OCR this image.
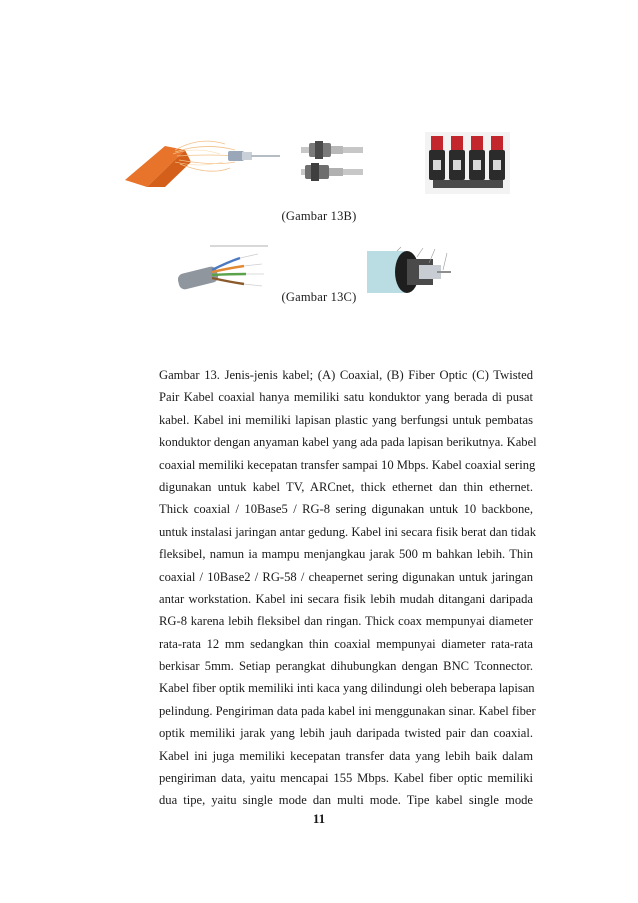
(Gambar 13B)
(Gambar 13C)
Gambar 13. Jenis-jenis kabel; (A) Coaxial, (B) Fiber Optic (C) Twisted
Pair Kabel coaxial hanya memiliki satu konduktor yang berada di pusat
kabel. Kabel ini memiliki lapisan plastic yang berfungsi untuk pembatas
konduktor dengan anyaman kabel yang ada pada lapisan berikutnya. Kabel
coaxial memiliki kecepatan transfer sampai 10 Mbps. Kabel coaxial sering
digunakan untuk kabel TV, ARCnet, thick ethernet dan thin ethernet.
Thick coaxial / 10Base5 / RG-8 sering digunakan untuk 10 backbone,
untuk instalasi jaringan antar gedung. Kabel ini secara fisik berat dan tidak
fleksibel, namun ia mampu menjangkau jarak 500 m bahkan lebih. Thin
coaxial / 10Base2 / RG-58 / cheapernet sering digunakan untuk jaringan
antar workstation. Kabel ini secara fisik lebih mudah ditangani daripada
RG-8 karena lebih fleksibel dan ringan. Thick coax mempunyai diameter
rata-rata 12 mm sedangkan thin coaxial mempunyai diameter rata-rata
berkisar 5mm. Setiap perangkat dihubungkan dengan BNC Tconnector.
Kabel fiber optik memiliki inti kaca yang dilindungi oleh beberapa lapisan
pelindung. Pengiriman data pada kabel ini menggunakan sinar. Kabel fiber
optik memiliki jarak yang lebih jauh daripada twisted pair dan coaxial.
Kabel ini juga memiliki kecepatan transfer data yang lebih baik dalam
pengiriman data, yaitu mencapai 155 Mbps. Kabel fiber optic memiliki
dua tipe, yaitu single mode dan multi mode. Tipe kabel single mode
11
